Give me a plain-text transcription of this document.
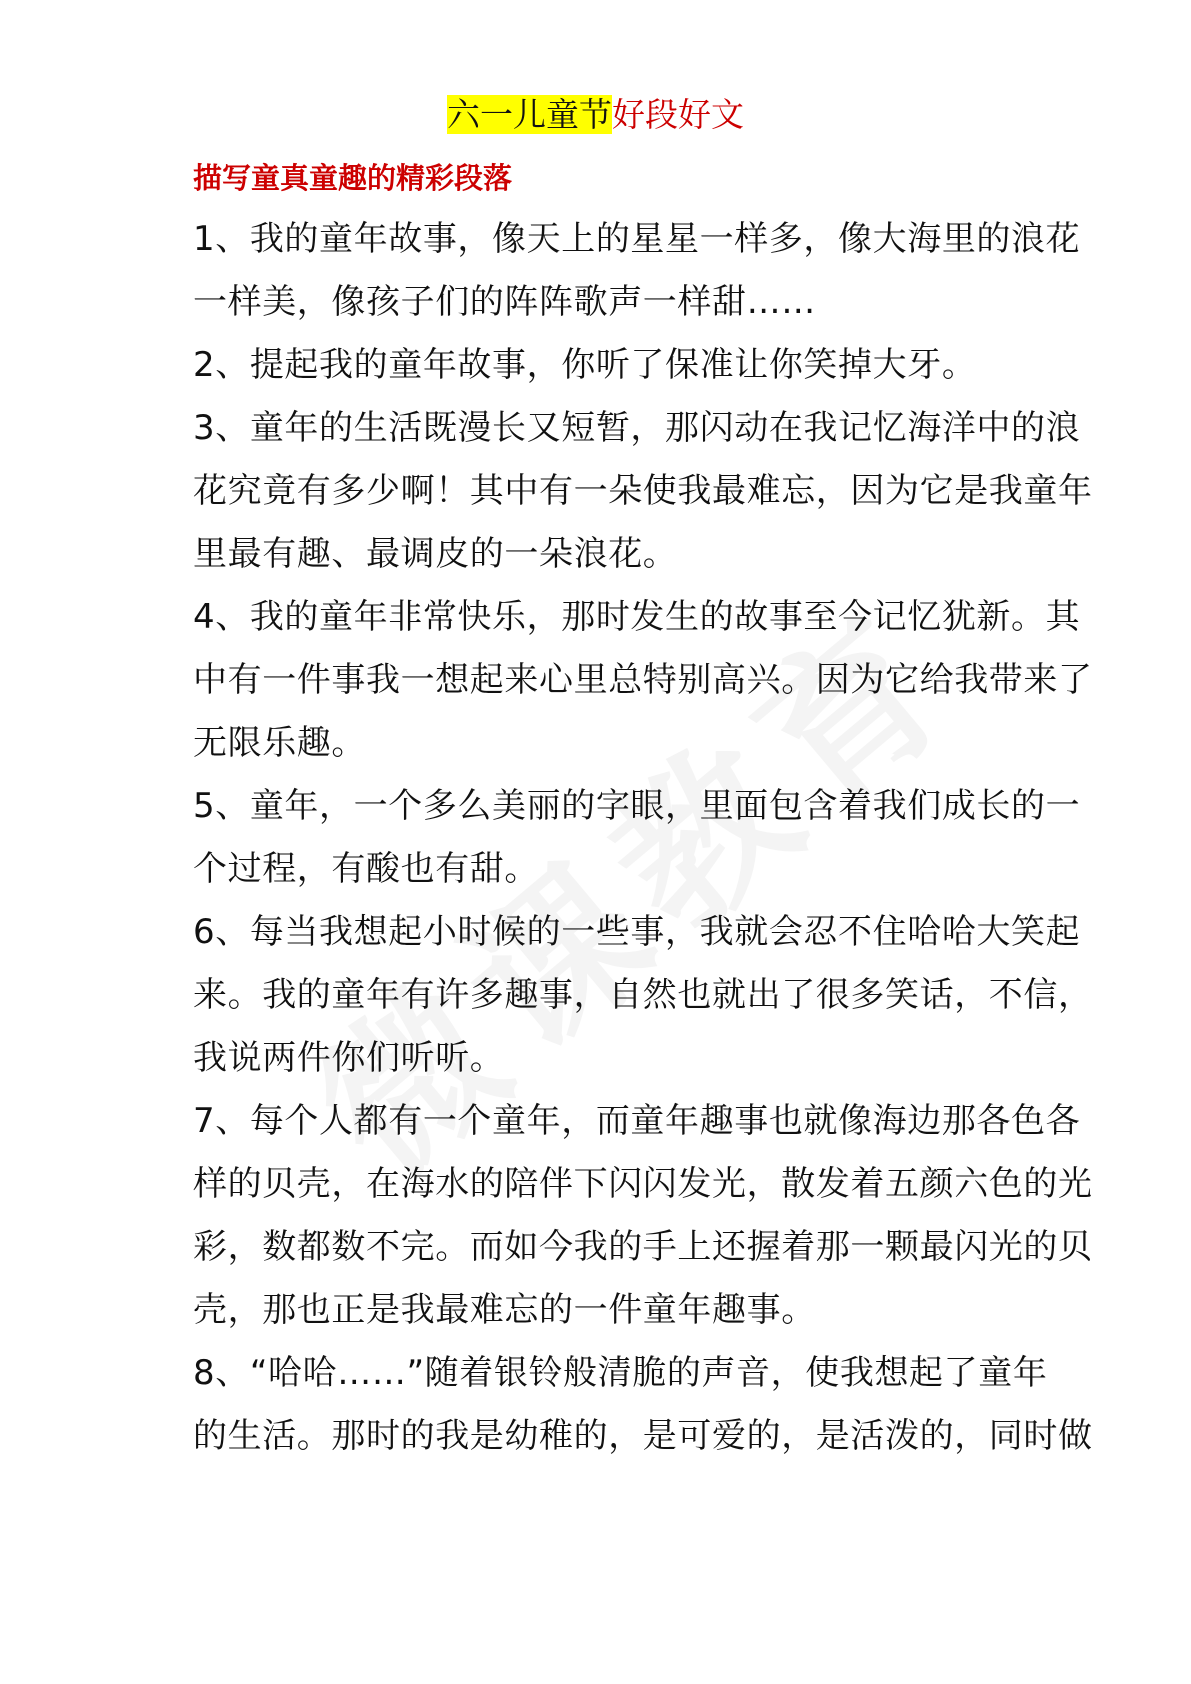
六一儿童节好段好文
描写童真童趣的精彩段落
1、我的童年故事，像天上的星星一样多，像大海里的浪花
一样美，像孩子们的阵阵歌声一样甜……
2、提起我的童年故事，你听了保准让你笑掉大牙。
3、童年的生活既漫长又短暂，那闪动在我记忆海洋中的浪
花究竟有多少啊！其中有一朵使我最难忘，因为它是我童年
里最有趣、最调皮的一朵浪花。
4、我的童年非常快乐，那时发生的故事至今记忆犹新。其
中有一件事我一想起来心里总特别高兴。因为它给我带来了
无限乐趣。
5、童年，一个多么美丽的字眼，里面包含着我们成长的一
个过程，有酸也有甜。
6、每当我想起小时候的一些事，我就会忍不住哈哈大笑起
来。我的童年有许多趣事，自然也就出了很多笑话，不信，
我说两件你们听听。
7、每个人都有一个童年，而童年趣事也就像海边那各色各
样的贝壳，在海水的陪伴下闪闪发光，散发着五颜六色的光
彩，数都数不完。而如今我的手上还握着那一颗最闪光的贝
壳，那也正是我最难忘的一件童年趣事。
8、“哈哈……”随着银铃般清脆的声音，使我想起了童年
的生活。那时的我是幼稚的，是可爱的，是活泼的，同时做
